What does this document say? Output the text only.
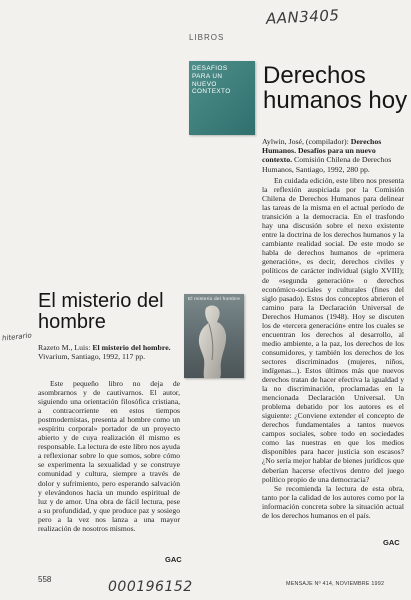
AAN3405
hiterario
000196152
LIBROS
DESAFIOS
PARA UN
NUEVO
CONTEXTO
Derechos
humanos hoy
Aylwin, José, (compilador): Derechos Humanos. Desafíos para un nuevo contexto. Comisión Chilena de Derechos Humanos, Santiago, 1992, 280 pp.

En cuidada edición, este libro nos presenta la reflexión auspiciada por la Comisión Chilena de Derechos Humanos para delinear las tareas de la misma en el actual período de transición a la democracia. En el trasfondo hay una discusión sobre el nexo existente entre la doctrina de los derechos humanos y la cambiante realidad social. De este modo se habla de derechos humanos de «primera generación», es decir, derechos civiles y políticos de carácter individual (siglo XVIII); de «segunda generación» o derechos económico-sociales y culturales (fines del siglo pasado). Estos dos conceptos abrieron el camino para la Declaración Universal de Derechos Humanos (1948). Hoy se discuten los de «tercera generación» entre los cuales se encuentran los derechos al desarrollo, al medio ambiente, a la paz, los derechos de los consumidores, y también los derechos de los sectores discriminados (mujeres, niños, indígenas...). Estos últimos más que nuevos derechos tratan de hacer efectiva la igualdad y la no discriminación, proclamadas en la mencionada Declaración Universal. Un problema debatido por los autores es el siguiente: ¿Conviene extender el concepto de derechos fundamentales a tantos nuevos campos sociales, sobre todo en sociedades como las nuestras en que los medios disponibles para hacer justicia son escasos? ¿No sería mejor hablar de bienes jurídicos que deberían hacerse efectivos dentro del juego político propio de una democracia?

Se recomienda la lectura de esta obra, tanto por la calidad de los autores como por la información concreta sobre la situación actual de los derechos humanos en el país.

GAC
El misterio del
hombre
El misterio del hombre
Razeto M., Luis: El misterio del hombre. Vivarium, Santiago, 1992, 117 pp.

Este pequeño libro no deja de asombrarnos y de cautivarnos. El autor, siguiendo una orientación filosófica cristiana, a contracorriente en estos tiempos postmodernistas, presenta al hombre como un «espíritu corporal» portador de un proyecto abierto y de cuya realización él mismo es responsable. La lectura de este libro nos ayuda a reflexionar sobre lo que somos, sobre cómo se experimenta la sexualidad y se construye comunidad y cultura, siempre a través de dolor y sufrimiento, pero esperando salvación y elevándonos hacia un mundo espiritual de luz y de amor. Una obra de fácil lectura, pese a su profundidad, y que produce paz y sosiego pero a la vez nos lanza a una mayor realización de nosotros mismos.

GAC
558	MENSAJE Nº 414, NOVIEMBRE 1992
